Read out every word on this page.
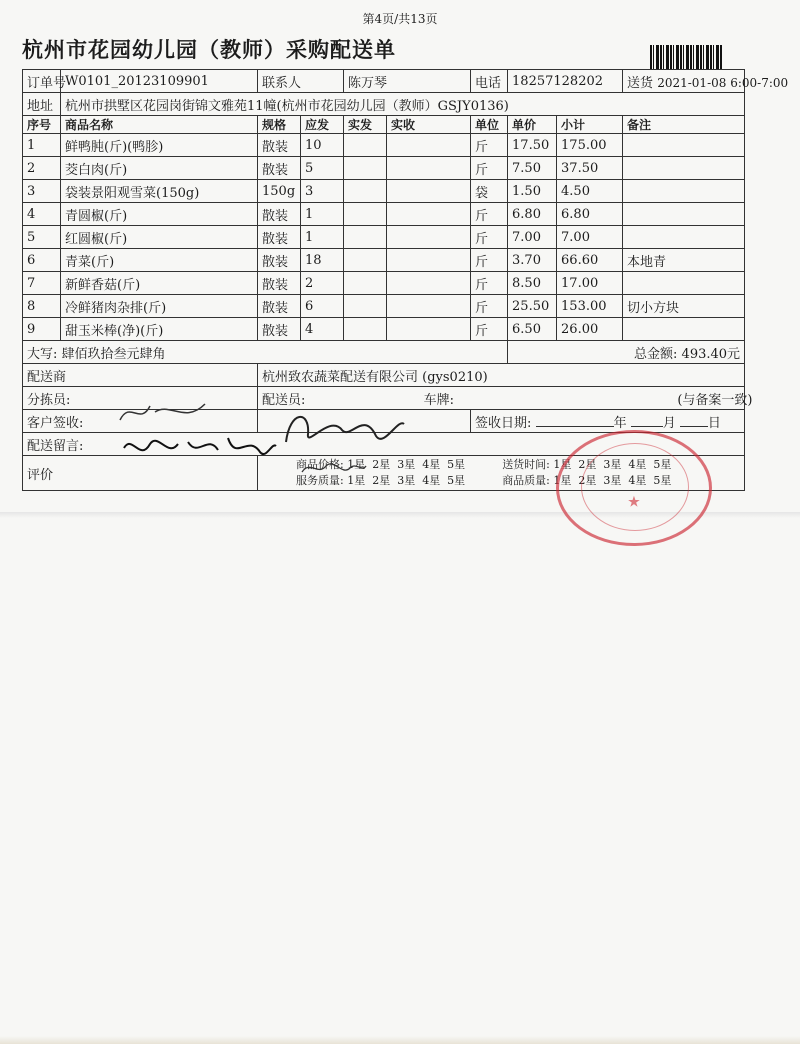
第4页/共13页
杭州市花园幼儿园（教师）采购配送单
订单号	W0101_20123109901	联系人		陈万琴		电话	18257128202		送货 2021-01-08 6:00-7:00
地址	杭州市拱墅区花园岗街锦文雅苑11幢(杭州市花园幼儿园（教师）GSJY0136)								
序号	商品名称	规格	应发	实发	实收	单位	单价	小计	备注
1	鲜鸭肫(斤)(鸭胗)	散装	10			斤	17.50	175.00	
2	茭白肉(斤)	散装	5			斤	7.50	37.50	
3	袋装景阳观雪菜(150g)	150g	3			袋	1.50	4.50	
4	青圆椒(斤)	散装	1			斤	6.80	6.80	
5	红圆椒(斤)	散装	1			斤	7.00	7.00	
6	青菜(斤)	散装	18			斤	3.70	66.60	本地青
7	新鲜香菇(斤)	散装	2			斤	8.50	17.00	
8	冷鲜猪肉杂排(斤)	散装	6			斤	25.50	153.00	切小方块
9	甜玉米棒(净)(斤)	散装	4			斤	6.50	26.00	
大写: 肆佰玖拾叁元肆角							总金额: 493.40元		
配送商		杭州致农蔬菜配送有限公司 (gys0210)							
分拣员:		配送员: 车牌: (与备案一致)							
客户签收:						签收日期: 年 月 日			
配送留言:									
评价		商品价格: 1星  2星  3星  4星  5星 送货时间: 1星  2星  3星  4星  5星
服务质量: 1星  2星  3星  4星  5星 商品质量: 1星  2星  3星  4星  5星							
★
